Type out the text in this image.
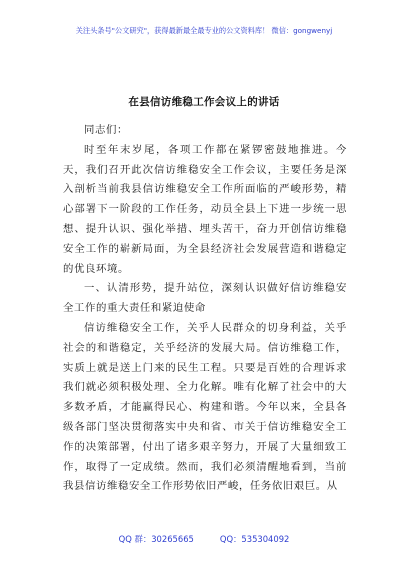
关注头条号"公文研究"，获得最新最全最专业的公文资料库！ 微信：gongwenyj
在县信访维稳工作会议上的讲话

同志们：

时至年末岁尾，各项工作都在紧锣密鼓地推进。今天，我们召开此次信访维稳安全工作会议，主要任务是深入剖析当前我县信访维稳安全工作所面临的严峻形势，精心部署下一阶段的工作任务，动员全县上下进一步统一思想、提升认识、强化举措、埋头苦干，奋力开创信访维稳安全工作的崭新局面，为全县经济社会发展营造和谐稳定的优良环境。

一、认清形势，提升站位，深刻认识做好信访维稳安全工作的重大责任和紧迫使命

信访维稳安全工作，关乎人民群众的切身利益，关乎社会的和谐稳定，关乎经济的发展大局。信访维稳工作，实质上就是送上门来的民生工程。只要是百姓的合理诉求我们就必须积极处理、全力化解。唯有化解了社会中的大多数矛盾，才能赢得民心、构建和谐。今年以来，全县各级各部门坚决贯彻落实中央和省、市关于信访维稳安全工作的决策部署，付出了诸多艰辛努力，开展了大量细致工作，取得了一定成绩。然而，我们必须清醒地看到，当前我县信访维稳安全工作形势依旧严峻，任务依旧艰巨。从

QQ 群：30265665	QQ：535304092
